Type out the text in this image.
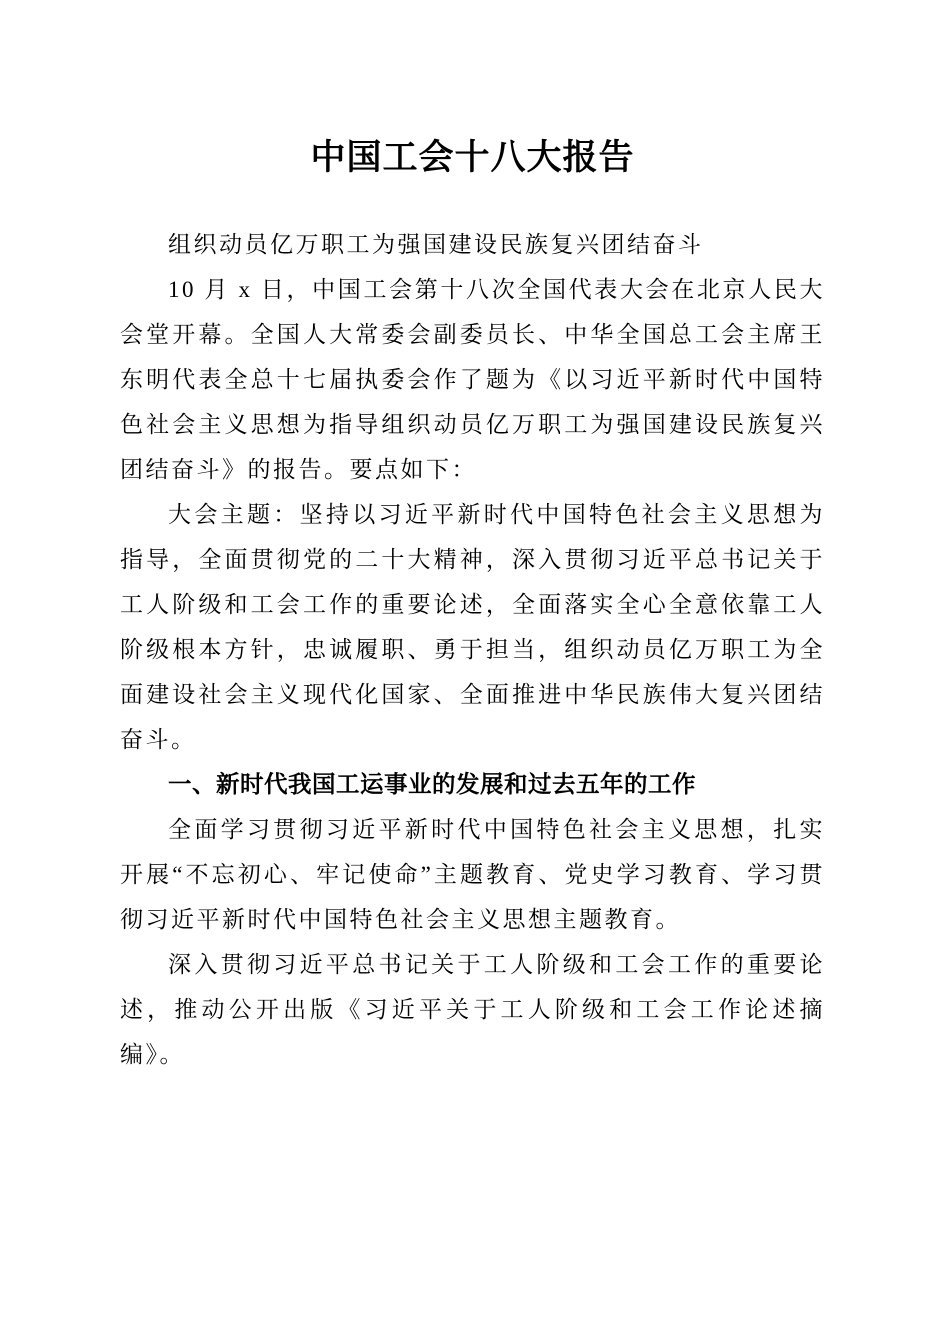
中国工会十八大报告

组织动员亿万职工为强国建设民族复兴团结奋斗

10 月 x 日，中国工会第十八次全国代表大会在北京人民大会堂开幕。全国人大常委会副委员长、中华全国总工会主席王东明代表全总十七届执委会作了题为《以习近平新时代中国特色社会主义思想为指导组织动员亿万职工为强国建设民族复兴团结奋斗》的报告。要点如下：

大会主题：坚持以习近平新时代中国特色社会主义思想为指导，全面贯彻党的二十大精神，深入贯彻习近平总书记关于工人阶级和工会工作的重要论述，全面落实全心全意依靠工人阶级根本方针，忠诚履职、勇于担当，组织动员亿万职工为全面建设社会主义现代化国家、全面推进中华民族伟大复兴团结奋斗。

一、新时代我国工运事业的发展和过去五年的工作

全面学习贯彻习近平新时代中国特色社会主义思想，扎实开展“不忘初心、牢记使命”主题教育、党史学习教育、学习贯彻习近平新时代中国特色社会主义思想主题教育。

深入贯彻习近平总书记关于工人阶级和工会工作的重要论述，推动公开出版《习近平关于工人阶级和工会工作论述摘编》。
